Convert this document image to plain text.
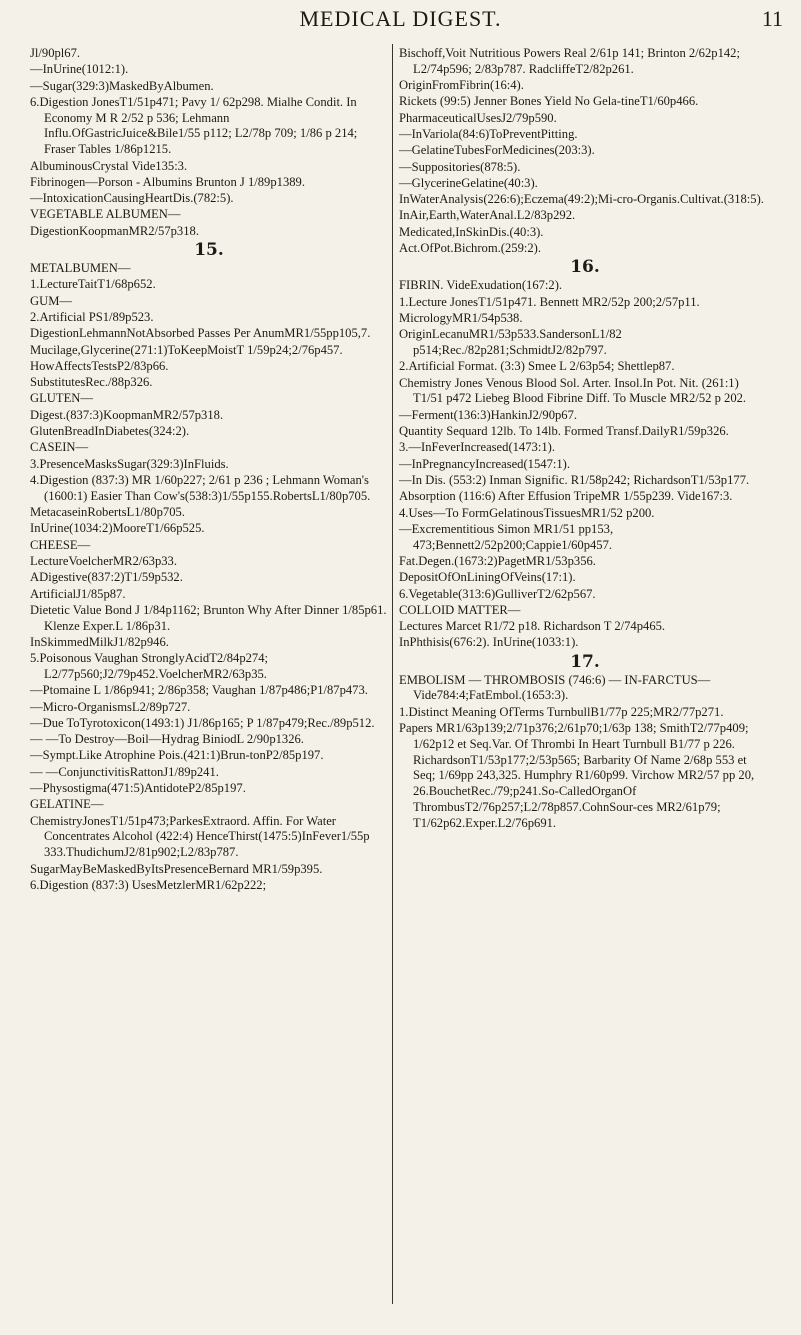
MEDICAL DIGEST.	11
Jl/90pl67.
—InUrine(1012:1).
—Sugar(329:3)MaskedByAlbumen.
6.Digestion JonesT1/51p471; Pavy 1/ 62p298. Mialhe Condit. In Economy M R 2/52 p 536; Lehmann Influ.OfGastricJuice&Bile1/55 p112; L2/78p 709; 1/86 p 214; Fraser Tables 1/86p1215.
AlbuminousCrystal Vide135:3.
Fibrinogen—Porson - Albumins Brunton J 1/89p1389.
—IntoxicationCausingHeartDis.(782:5).
VEGETABLE ALBUMEN—
DigestionKoopmanMR2/57p318.
15.
METALBUMEN—
1.LectureTaitT1/68p652.
GUM—
2.Artificial PS1/89p523.
DigestionLehmannNotAbsorbed Passes Per AnumMR1/55pp105,7.
Mucilage,Glycerine(271:1)ToKeepMoistT 1/59p24;2/76p457.
HowAffectsTestsP2/83p66.
SubstitutesRec./88p326.
GLUTEN—
Digest.(837:3)KoopmanMR2/57p318.
GlutenBreadInDiabetes(324:2).
CASEIN—
3.PresenceMasksSugar(329:3)InFluids.
4.Digestion (837:3) MR 1/60p227; 2/61 p 236 ; Lehmann Woman's (1600:1) Easier Than Cow's(538:3)1/55p155.RobertsL1/80p705.
MetacaseinRobertsL1/80p705.
InUrine(1034:2)MooreT1/66p525.
CHEESE—
LectureVoelcherMR2/63p33.
ADigestive(837:2)T1/59p532.
ArtificialJ1/85p87.
Dietetic Value Bond J 1/84p1162; Brunton Why After Dinner 1/85p61. Klenze Exper.L 1/86p31.
InSkimmedMilkJ1/82p946.
5.Poisonous Vaughan StronglyAcidT2/84p274; L2/77p560;J2/79p452.VoelcherMR2/63p35.
—Ptomaine L 1/86p941; 2/86p358; Vaughan 1/87p486;P1/87p473.
—Micro-OrganismsL2/89p727.
—Due ToTyrotoxicon(1493:1) J1/86p165; P 1/87p479;Rec./89p512.
— —To Destroy—Boil—Hydrag BiniodL 2/90p1326.
—Sympt.Like Atrophine Pois.(421:1)Brun-tonP2/85p197.
— —ConjunctivitisRattonJ1/89p241.
—Physostigma(471:5)AntidoteP2/85p197.
GELATINE—
ChemistryJonesT1/51p473;ParkesExtraord. Affin. For Water Concentrates Alcohol (422:4) HenceThirst(1475:5)InFever1/55p 333.ThudichumJ2/81p902;L2/83p787.
SugarMayBeMaskedByItsPresenceBernard MR1/59p395.
6.Digestion (837:3) UsesMetzlerMR1/62p222;
Bischoff,Voit Nutritious Powers Real 2/61p 141; Brinton 2/62p142; L2/74p596; 2/83p787. RadcliffeT2/82p261.
OriginFromFibrin(16:4).
Rickets (99:5) Jenner Bones Yield No Gela-tineT1/60p466.
PharmaceuticalUsesJ2/79p590.
—InVariola(84:6)ToPreventPitting.
—GelatineTubesForMedicines(203:3).
—Suppositories(878:5).
—GlycerineGelatine(40:3).
InWaterAnalysis(226:6);Eczema(49:2);Mi-cro-Organis.Cultivat.(318:5).
InAir,Earth,WaterAnal.L2/83p292.
Medicated,InSkinDis.(40:3).
Act.OfPot.Bichrom.(259:2).
16.
FIBRIN. VideExudation(167:2).
1.Lecture JonesT1/51p471. Bennett MR2/52p 200;2/57p11.
MicrologyMR1/54p538.
OriginLecanuMR1/53p533.SandersonL1/82 p514;Rec./82p281;SchmidtJ2/82p797.
2.Artificial Format. (3:3) Smee L 2/63p54; Shettlep87.
Chemistry Jones Venous Blood Sol. Arter. Insol.In Pot. Nit. (261:1) T1/51 p472 Liebeg Blood Fibrine Diff. To Muscle MR2/52 p 202.
—Ferment(136:3)HankinJ2/90p67.
Quantity Sequard 12lb. To 14lb. Formed Transf.DailyR1/59p326.
3.—InFeverIncreased(1473:1).
—InPregnancyIncreased(1547:1).
—In Dis. (553:2) Inman Signific. R1/58p242; RichardsonT1/53p177.
Absorption (116:6) After Effusion TripeMR 1/55p239. Vide167:3.
4.Uses—To FormGelatinousTissuesMR1/52 p200.
—Excrementitious Simon MR1/51 pp153, 473;Bennett2/52p200;Cappie1/60p457.
Fat.Degen.(1673:2)PagetMR1/53p356.
DepositOfOnLiningOfVeins(17:1).
6.Vegetable(313:6)GulliverT2/62p567.
COLLOID MATTER—
Lectures Marcet R1/72 p18. Richardson T 2/74p465.
InPhthisis(676:2). InUrine(1033:1).
17.
EMBOLISM — THROMBOSIS (746:6) — IN-FARCTUS—Vide784:4;FatEmbol.(1653:3).
1.Distinct Meaning OfTerms TurnbullB1/77p 225;MR2/77p271.
Papers MR1/63p139;2/71p376;2/61p70;1/63p 138; SmithT2/77p409; 1/62p12 et Seq.Var. Of Thrombi In Heart Turnbull B1/77 p 226. RichardsonT1/53p177;2/53p565; Barbarity Of Name 2/68p 553 et Seq; 1/69pp 243,325. Humphry R1/60p99. Virchow MR2/57 pp 20, 26.BouchetRec./79;p241.So-CalledOrganOf ThrombusT2/76p257;L2/78p857.CohnSour-ces MR2/61p79; T1/62p62.Exper.L2/76p691.
